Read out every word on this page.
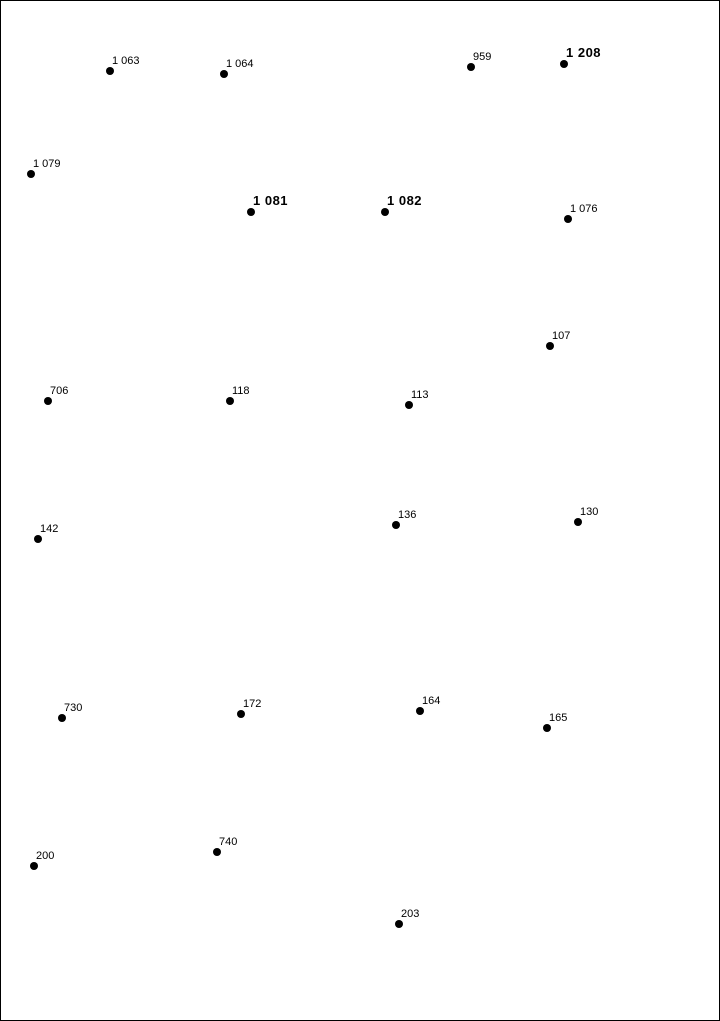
1 063	1 064
959	1 208
1 079
1 081	1 082
1 076
107
706	118	113
142
136	130
730	172	164
165
200
740
203
